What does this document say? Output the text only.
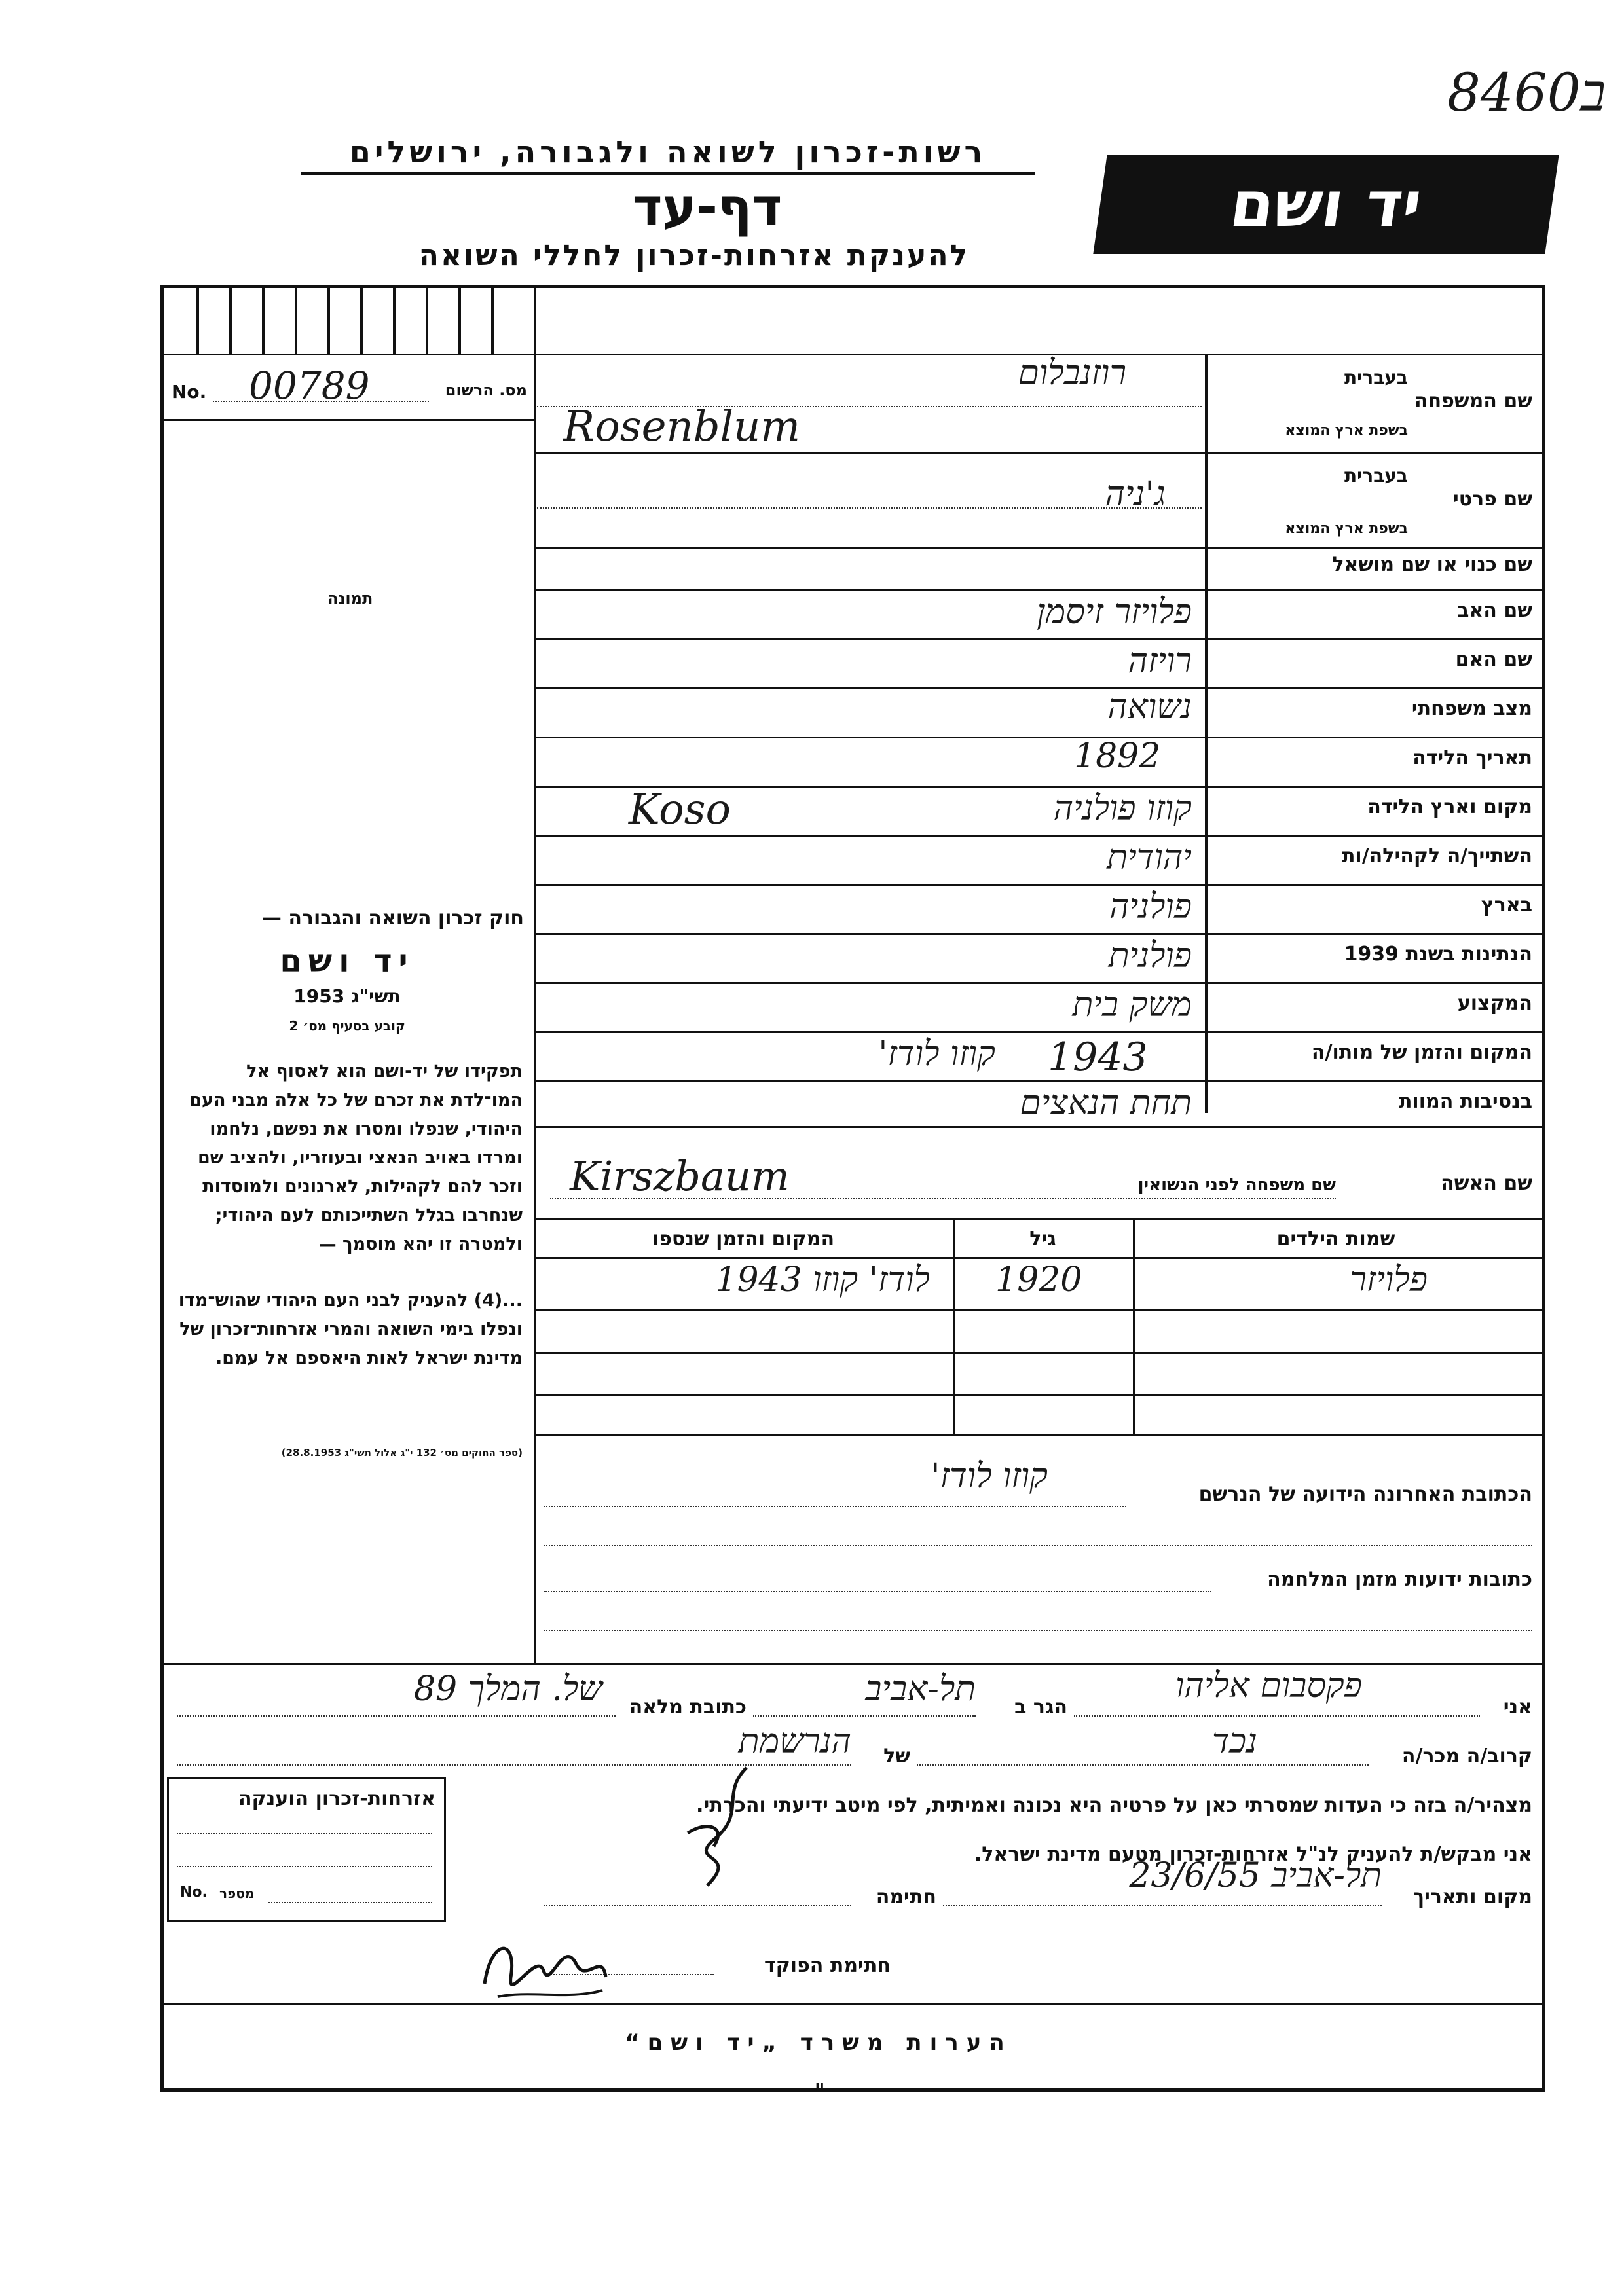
8460ב
רשות-זכרון לשואה ולגבורה, ירושלים
דף-עד
להענקת אזרחות-זכרון לחללי השואה
יד ושם
No. 00789	מס. הרשום
תמונה
שם המשפחה
בעברית
בשפת ארץ המוצא
רוזנבלום
Rosenblum
בעברית
שם פרטי
בשפת ארץ המוצא
ג'ניה
שם כנוי או שם מושאל
שם האב
פלויזר זיסמן
שם האם
רויזה
מצב משפחתי
נשואה
תאריך הלידה
1892
מקום וארץ הלידה
Koso	קוזו פולניה
השתייך/ה לקהילה/ות
יהודית
בארץ
פולניה
הנתינות בשנת 1939
פולנית
המקצוע
משק בית
המקום והזמן של מותו/ה
קוזו לודז' 1943
בנסיבות המוות
תחת הנאצים
שם האשה
שם משפחה לפני הנשואין
Kirszbaum
שמות הילדים
גיל
המקום והזמן שנספו
פלויזר
1920
לודז' קוזו 1943
הכתובת האחרונה הידועה של הנרשם
קוזו לודז'
כתובות ידועות מזמן המלחמה
חוק זכרון השואה והגבורה —
יד ושם
תשי"ג 1953
קובע בסעיף מס׳ 2
תפקידו של יד-ושם הוא לאסוף אל המו־לדת את זכרם של כל אלה מבני העם היהודי, שנפלו ומסרו את נפשם, נלחמו ומרדו באויב הנאצי ובעוזריו, ולהציב שם וזכר להם לקהילות, לארגונים ולמוסדות שנחרבו בגלל השתייכותם לעם היהודי; ולמטרה זו יהא מוסמך —
...(4) להעניק לבני העם היהודי שהוש־מדו ונפלו בימי השואה והמרי אזרחות־זכרון של מדינת ישראל לאות היאספם אל עמם.
(ספר החוקים מס׳ 132 י"ג אלול תשי"ג 28.8.1953)
אני
פקסבום אליהו
הגר ב
תל-אביב
כתובת מלאה
של. המלך 89
קרוב/ה מכר/ה
נכד
של
הנרשמת
מצהיר/ה בזה כי העדות שמסרתי כאן על פרטיה היא נכונה ואמיתית, לפי מיטב ידיעתי והכרתי.
אני מבקש/ת להעניק לנ"ל אזרחות-זכרון מטעם מדינת ישראל.
מקום ותאריך
תל-אביב 23/6/55
חתימה
חתימת הפוקד
אזרחות-זכרון הוענקה
No. מספר
הערות משרד „יד ושם“
II
